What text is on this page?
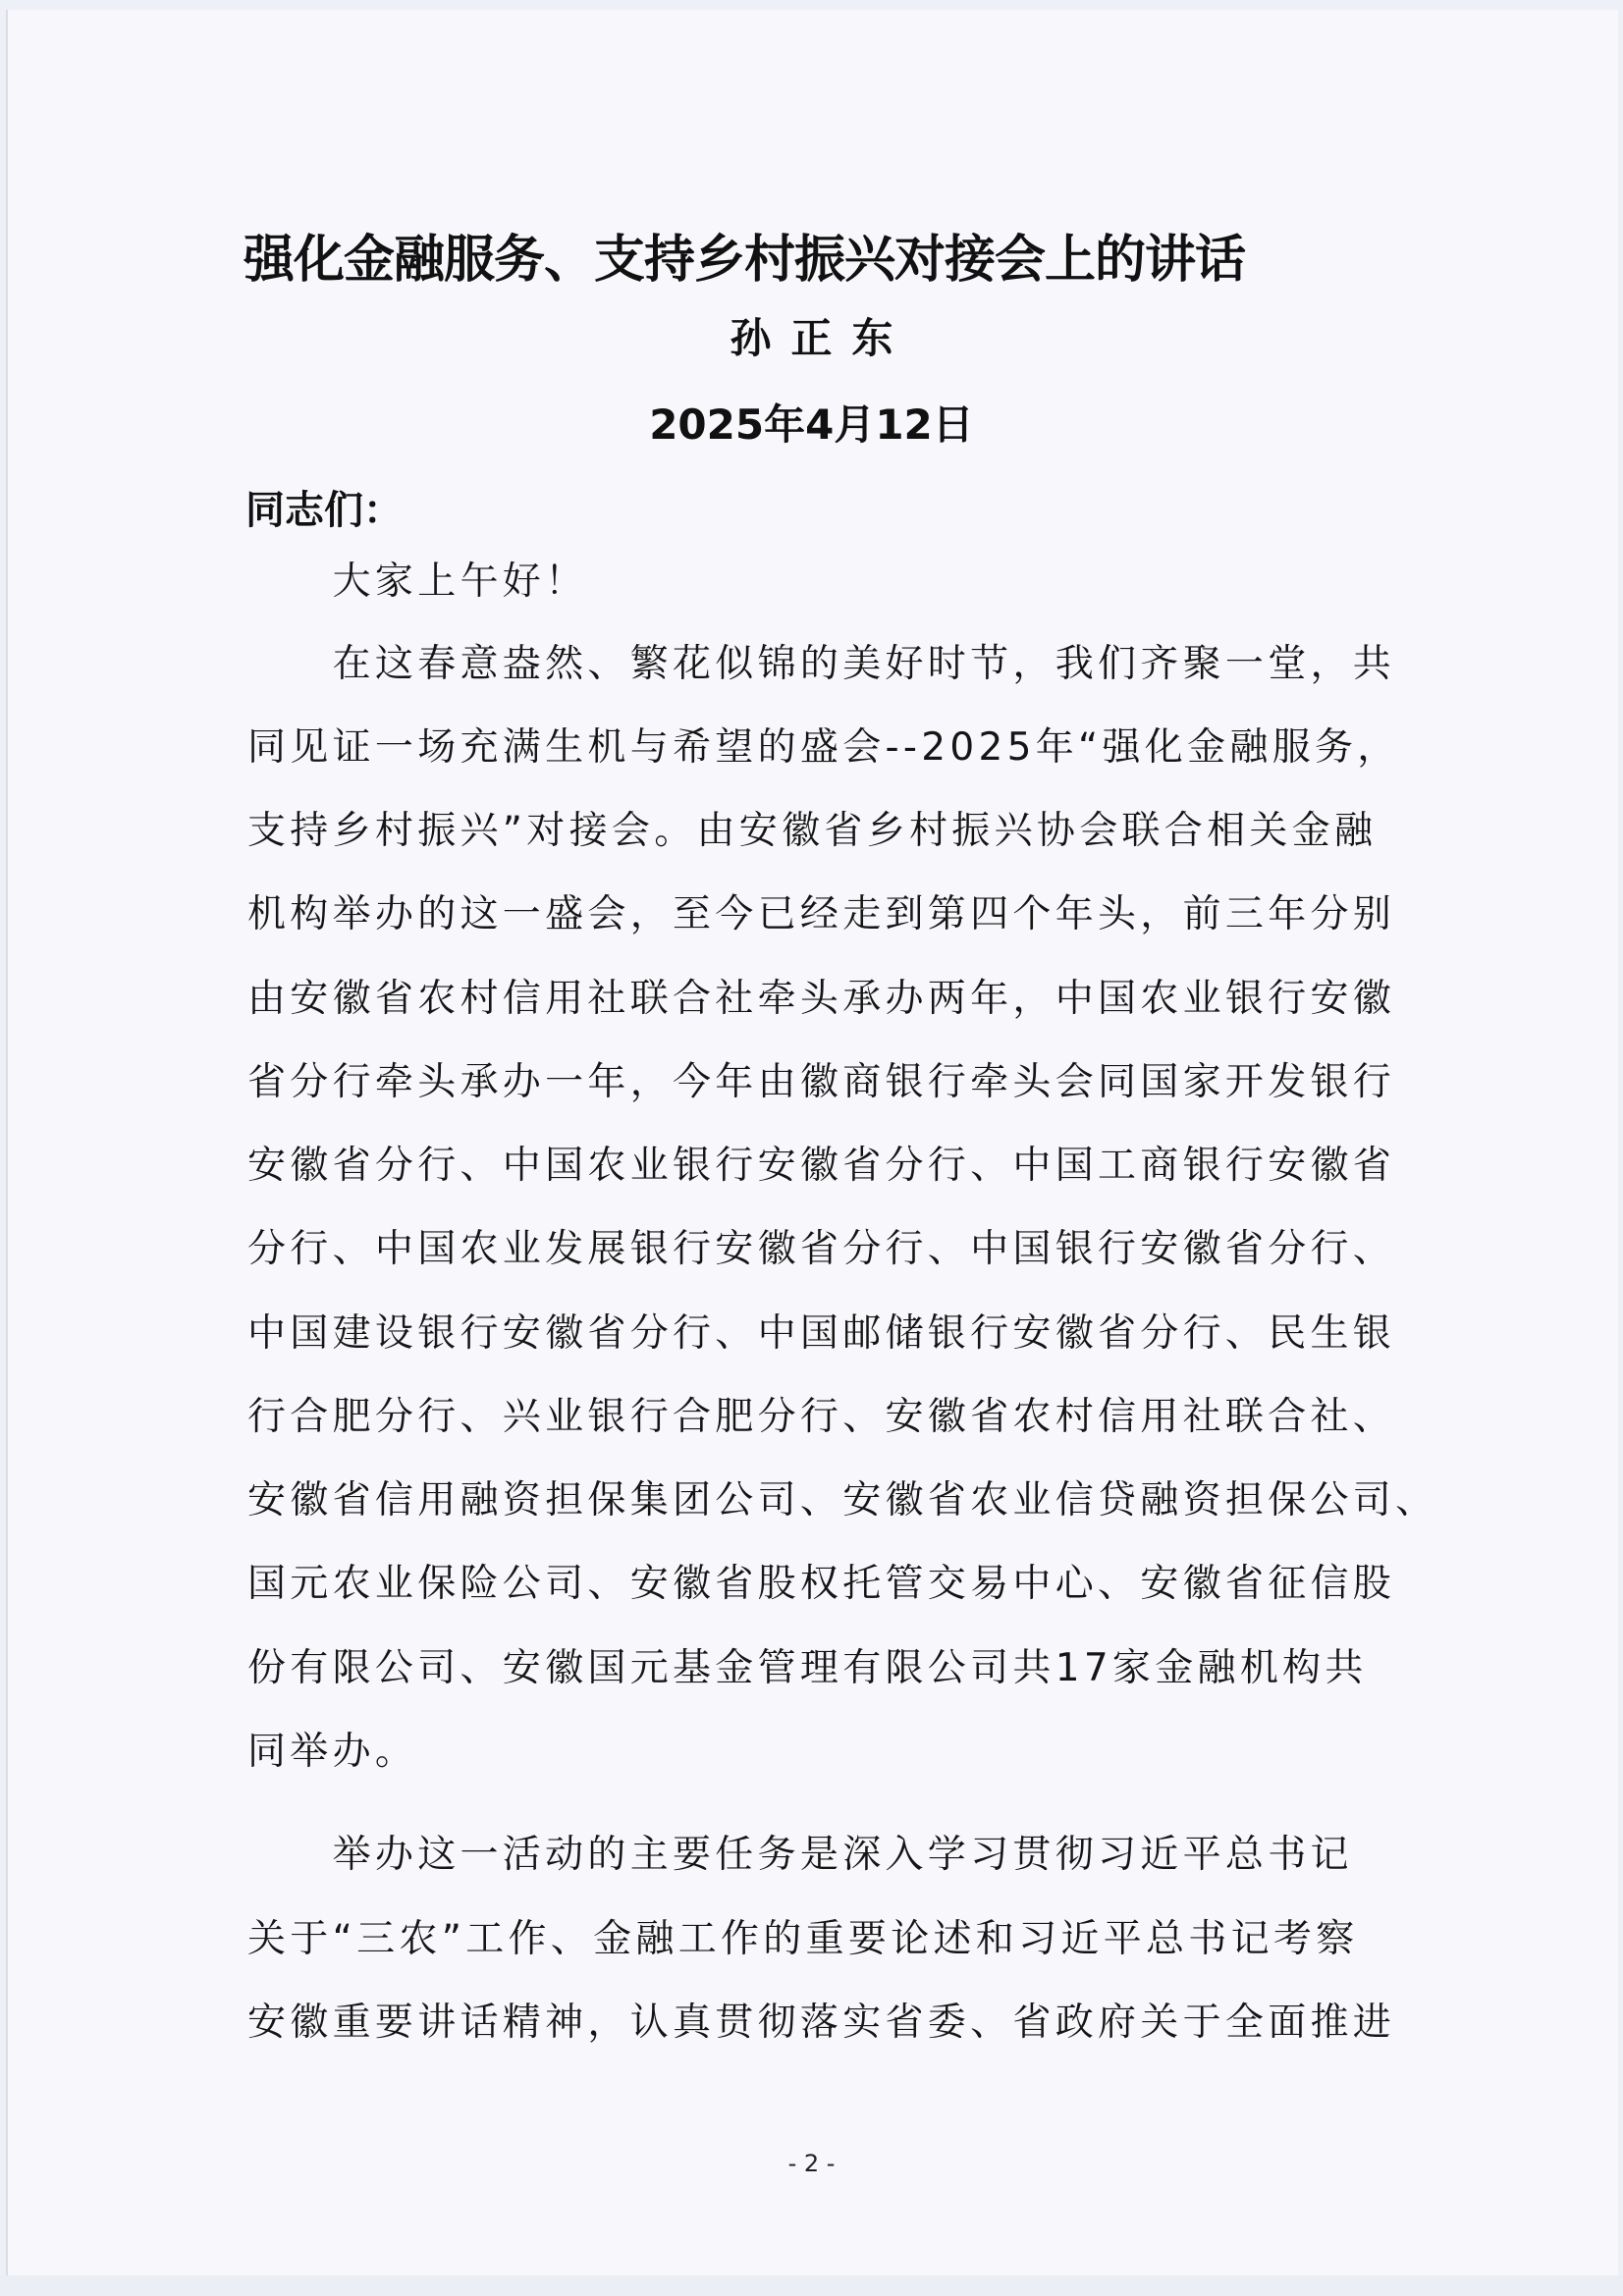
强化金融服务、支持乡村振兴对接会上的讲话
孙正东
2025年4月12日
同志们：
　　大家上午好！
　　在这春意盎然、繁花似锦的美好时节，我们齐聚一堂，共
同见证一场充满生机与希望的盛会--2025年“强化金融服务，
支持乡村振兴”对接会。由安徽省乡村振兴协会联合相关金融
机构举办的这一盛会，至今已经走到第四个年头，前三年分别
由安徽省农村信用社联合社牵头承办两年，中国农业银行安徽
省分行牵头承办一年，今年由徽商银行牵头会同国家开发银行
安徽省分行、中国农业银行安徽省分行、中国工商银行安徽省
分行、中国农业发展银行安徽省分行、中国银行安徽省分行、
中国建设银行安徽省分行、中国邮储银行安徽省分行、民生银
行合肥分行、兴业银行合肥分行、安徽省农村信用社联合社、
安徽省信用融资担保集团公司、安徽省农业信贷融资担保公司、
国元农业保险公司、安徽省股权托管交易中心、安徽省征信股
份有限公司、安徽国元基金管理有限公司共17家金融机构共
同举办。
　　举办这一活动的主要任务是深入学习贯彻习近平总书记
关于“三农”工作、金融工作的重要论述和习近平总书记考察
安徽重要讲话精神，认真贯彻落实省委、省政府关于全面推进
- 2 -
